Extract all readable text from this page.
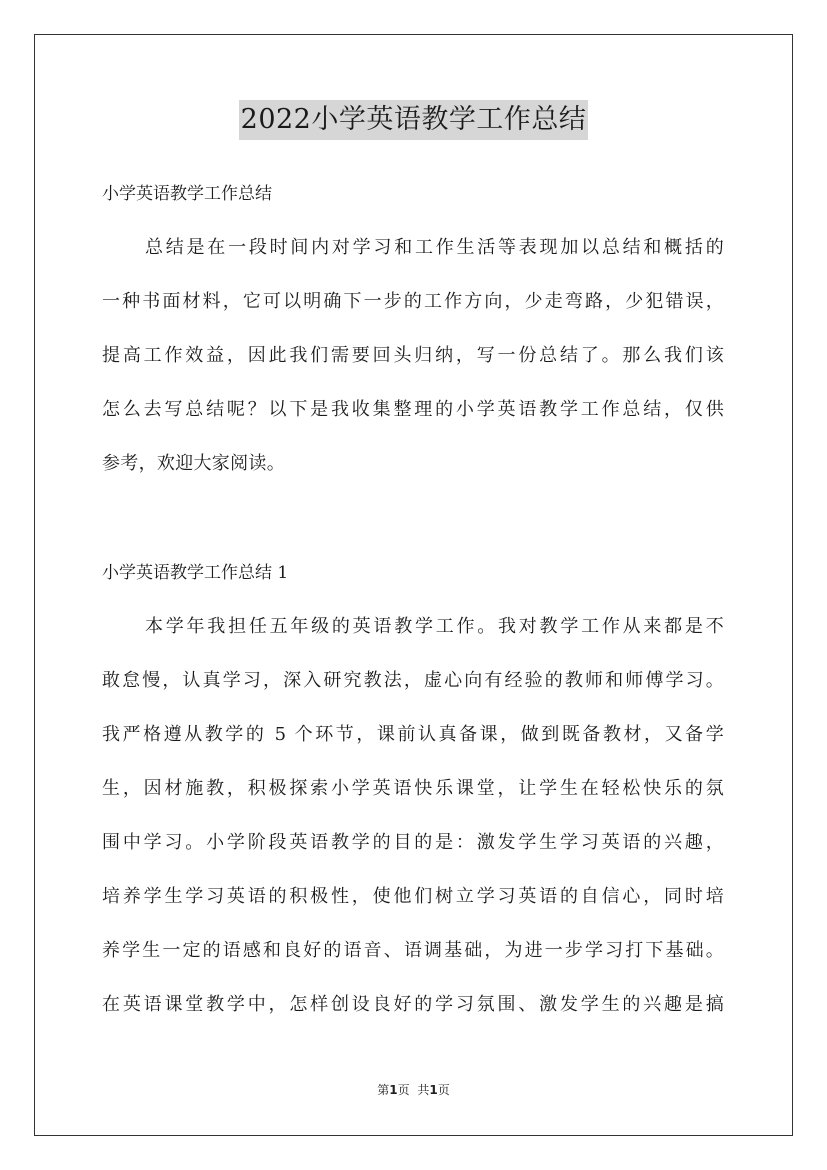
2022小学英语教学工作总结
小学英语教学工作总结
总结是在一段时间内对学习和工作生活等表现加以总结和概括的
一种书面材料，它可以明确下一步的工作方向，少走弯路，少犯错误，
提高工作效益，因此我们需要回头归纳，写一份总结了。那么我们该
怎么去写总结呢？以下是我收集整理的小学英语教学工作总结，仅供
参考，欢迎大家阅读。
小学英语教学工作总结 1
本学年我担任五年级的英语教学工作。我对教学工作从来都是不
敢怠慢，认真学习，深入研究教法，虚心向有经验的教师和师傅学习。
我严格遵从教学的 5 个环节，课前认真备课，做到既备教材，又备学
生，因材施教，积极探索小学英语快乐课堂，让学生在轻松快乐的氛
围中学习。小学阶段英语教学的目的是：激发学生学习英语的兴趣，
培养学生学习英语的积极性，使他们树立学习英语的自信心，同时培
养学生一定的语感和良好的语音、语调基础，为进一步学习打下基础。
在英语课堂教学中，怎样创设良好的学习氛围、激发学生的兴趣是搞
第1页 共1页
